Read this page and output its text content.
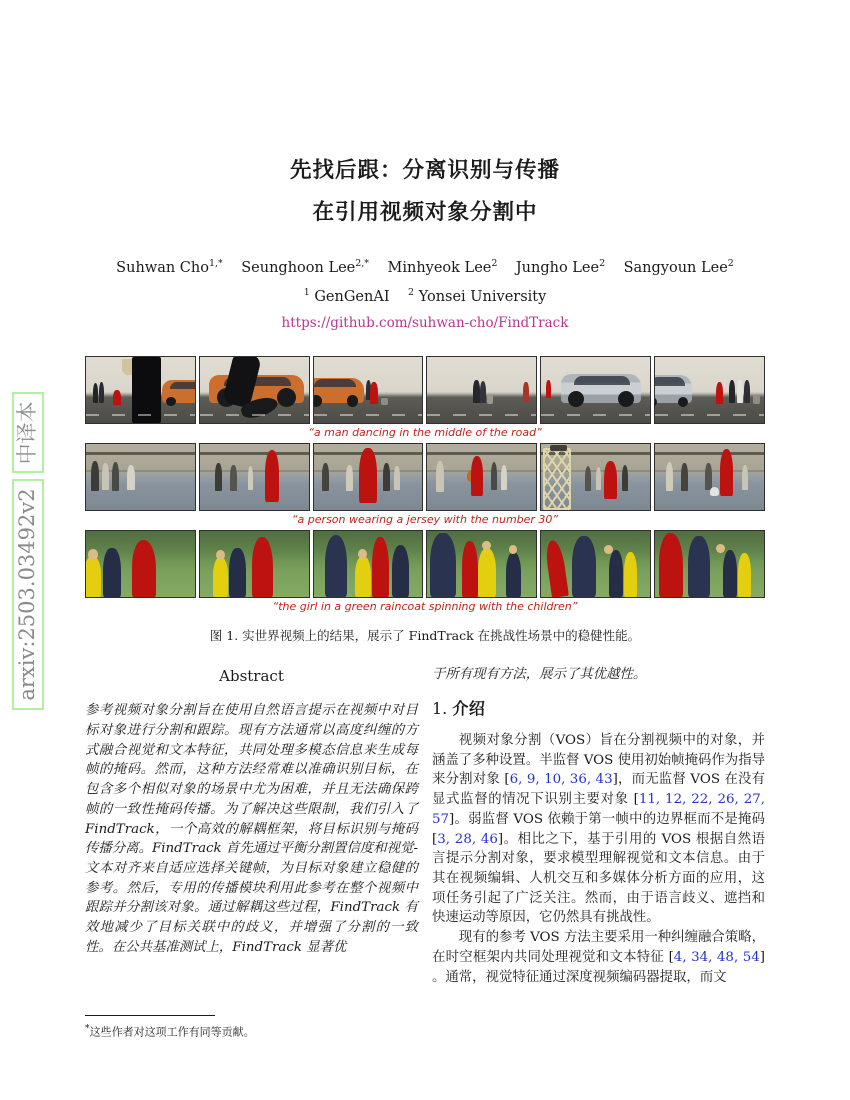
arxiv:2503.03492v2
中译本
先找后跟：分离识别与传播
在引用视频对象分割中
Suhwan Cho$^{1,*}$ Seunghoon Lee$^{2,*}$ Minhyeok Lee$^2$ Jungho Lee$^2$ Sangyoun Lee$^2$
$^1$ GenGenAI    $^2$ Yonsei University
https://github.com/suhwan-cho/FindTrack
“a man dancing in the middle of the road”
“a person wearing a jersey with the number 30”
“the girl in a green raincoat spinning with the children”
图 1. 实世界视频上的结果，展示了 FindTrack 在挑战性场景中的稳健性能。
Abstract
参考视频对象分割旨在使用自然语言提示在视频中对目标对象进行分割和跟踪。现有方法通常以高度纠缠的方式融合视觉和文本特征，共同处理多模态信息来生成每帧的掩码。然而，这种方法经常难以准确识别目标，在包含多个相似对象的场景中尤为困难，并且无法确保跨帧的一致性掩码传播。为了解决这些限制，我们引入了 FindTrack，一个高效的解耦框架，将目标识别与掩码传播分离。FindTrack 首先通过平衡分割置信度和视觉-文本对齐来自适应选择关键帧，为目标对象建立稳健的参考。然后，专用的传播模块利用此参考在整个视频中跟踪并分割该对象。通过解耦这些过程，FindTrack 有效地减少了目标关联中的歧义，并增强了分割的一致性。在公共基准测试上，FindTrack 显著优
*这些作者对这项工作有同等贡献。
于所有现有方法，展示了其优越性。
1. 介绍

视频对象分割（VOS）旨在分割视频中的对象，并涵盖了多种设置。半监督 VOS 使用初始帧掩码作为指导来分割对象 [6, 9, 10, 36, 43]，而无监督 VOS 在没有显式监督的情况下识别主要对象 [11, 12, 22, 26, 27, 57]。弱监督 VOS 依赖于第一帧中的边界框而不是掩码 [3, 28, 46]。相比之下，基于引用的 VOS 根据自然语言提示分割对象，要求模型理解视觉和文本信息。由于其在视频编辑、人机交互和多媒体分析方面的应用，这项任务引起了广泛关注。然而，由于语言歧义、遮挡和快速运动等原因，它仍然具有挑战性。

现有的参考 VOS 方法主要采用一种纠缠融合策略，在时空框架内共同处理视觉和文本特征 [4, 34, 48, 54] 。通常，视觉特征通过深度视频编码器提取，而文
